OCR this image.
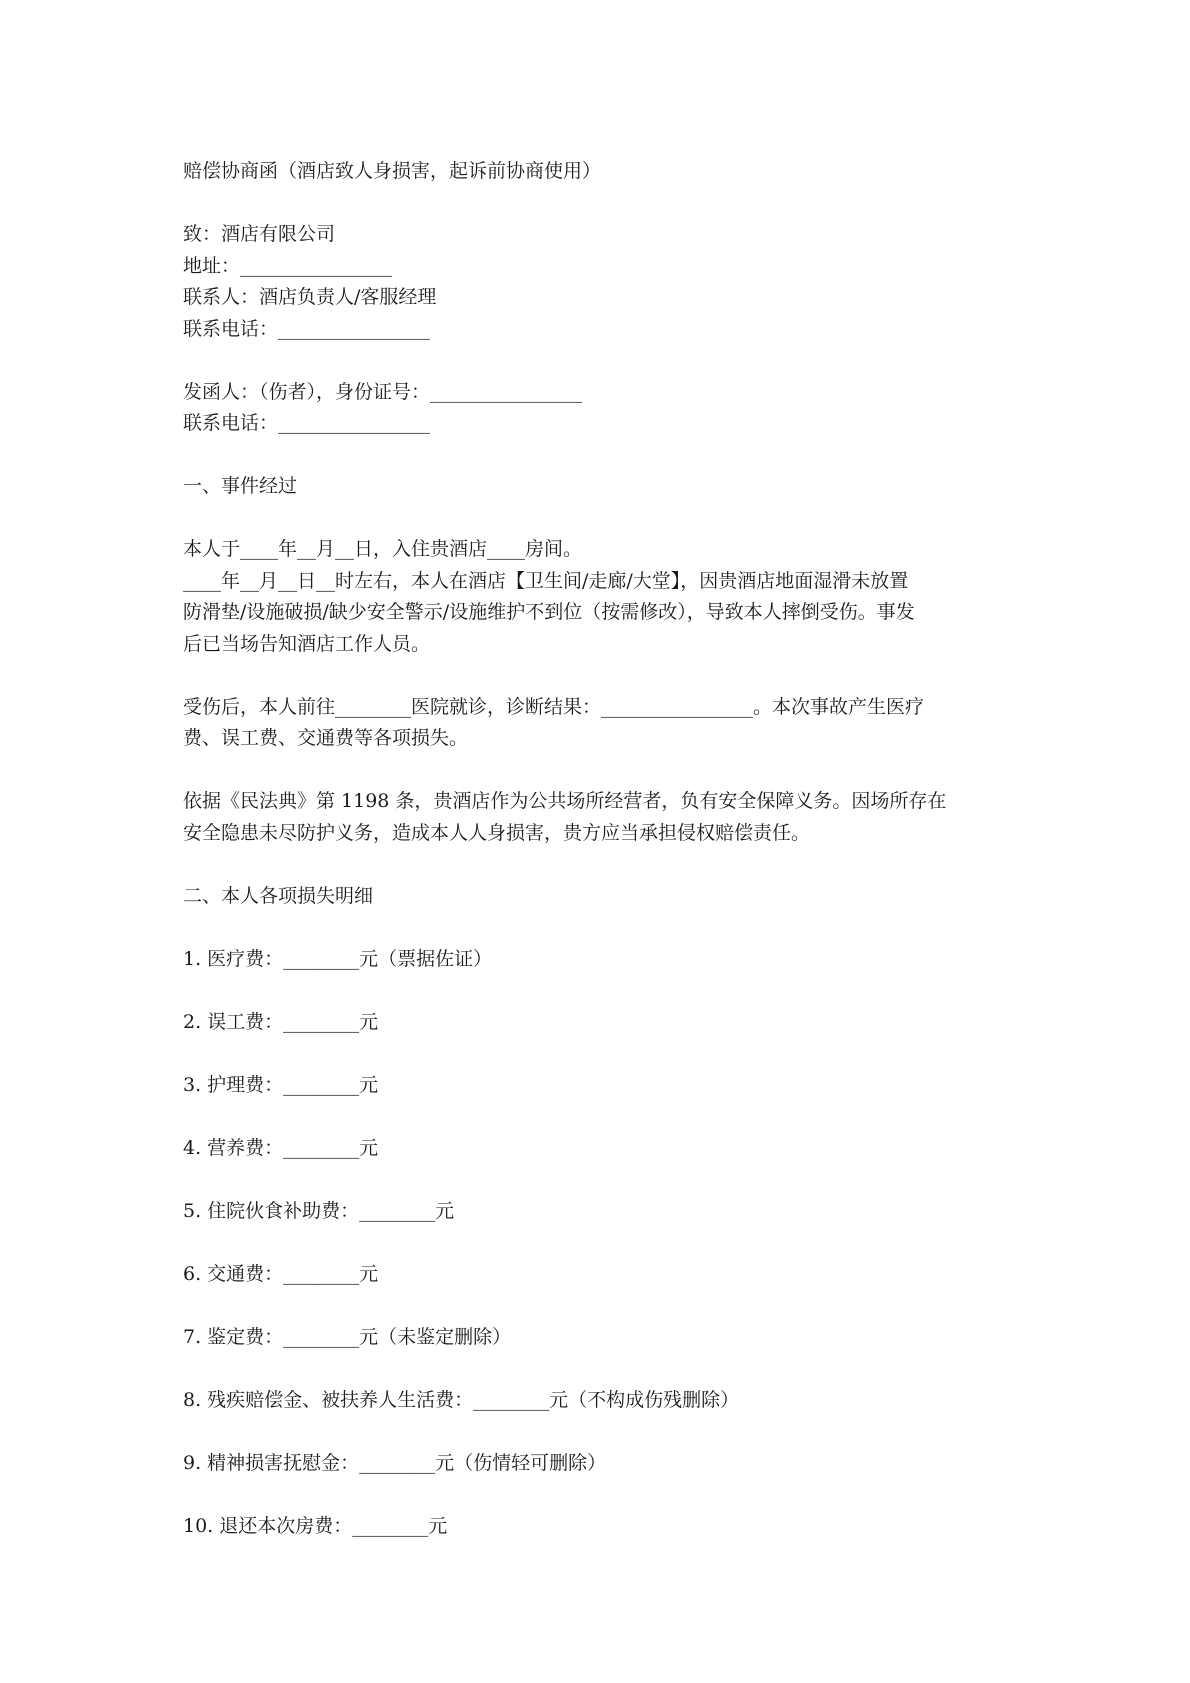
赔偿协商函（酒店致人身损害，起诉前协商使用）

致：酒店有限公司

地址：________________

联系人：酒店负责人/客服经理

联系电话：________________

发函人：（伤者），身份证号：________________

联系电话：________________

一、事件经过

本人于____年__月__日，入住贵酒店____房间。

____年__月__日__时左右，本人在酒店【卫生间/走廊/大堂】，因贵酒店地面湿滑未放置

防滑垫/设施破损/缺少安全警示/设施维护不到位（按需修改），导致本人摔倒受伤。事发

后已当场告知酒店工作人员。

受伤后，本人前往________医院就诊，诊断结果：________________。本次事故产生医疗

费、误工费、交通费等各项损失。

依据《民法典》第 1198 条，贵酒店作为公共场所经营者，负有安全保障义务。因场所存在

安全隐患未尽防护义务，造成本人人身损害，贵方应当承担侵权赔偿责任。

二、本人各项损失明细

1. 医疗费：________元（票据佐证）

2. 误工费：________元

3. 护理费：________元

4. 营养费：________元

5. 住院伙食补助费：________元

6. 交通费：________元

7. 鉴定费：________元（未鉴定删除）

8. 残疾赔偿金、被扶养人生活费：________元（不构成伤残删除）

9. 精神损害抚慰金：________元（伤情轻可删除）

10. 退还本次房费：________元
